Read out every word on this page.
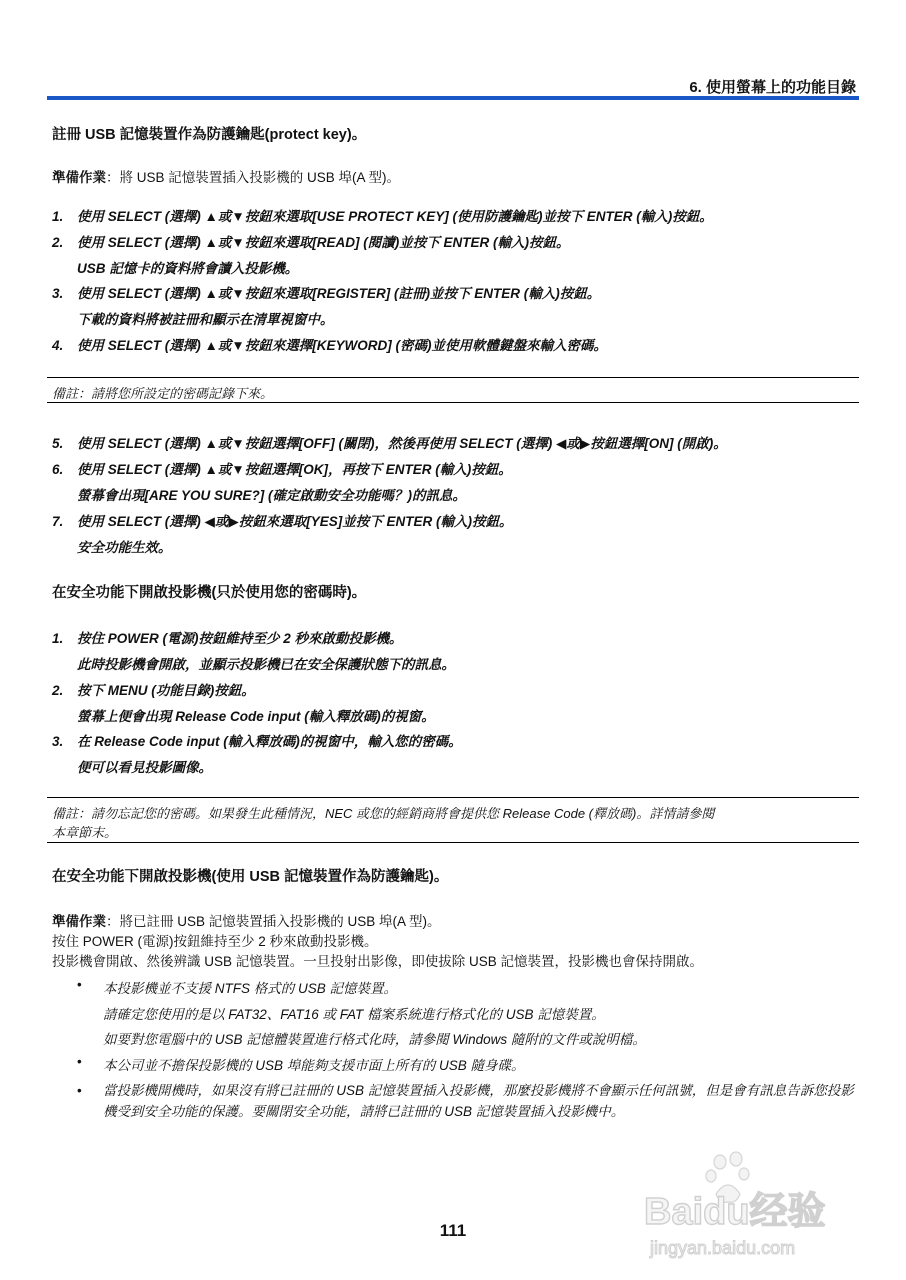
6. 使用螢幕上的功能目錄
註冊 USB 記憶裝置作為防護鑰匙(protect key)。
準備作業：將 USB 記憶裝置插入投影機的 USB 埠(A 型)。
1. 使用 SELECT (選擇) ▲或▼按鈕來選取[USE PROTECT KEY] (使用防護鑰匙)並按下 ENTER (輸入)按鈕。
2. 使用 SELECT (選擇) ▲或▼按鈕來選取[READ] (閱讀)並按下 ENTER (輸入)按鈕。
USB 記憶卡的資料將會讀入投影機。
3. 使用 SELECT (選擇) ▲或▼按鈕來選取[REGISTER] (註冊)並按下 ENTER (輸入)按鈕。
下載的資料將被註冊和顯示在清單視窗中。
4. 使用 SELECT (選擇) ▲或▼按鈕來選擇[KEYWORD] (密碼)並使用軟體鍵盤來輸入密碼。
備註：請將您所設定的密碼記錄下來。
5. 使用 SELECT (選擇) ▲或▼按鈕選擇[OFF] (關閉)，然後再使用 SELECT (選擇) ◀或▶按鈕選擇[ON] (開啟)。
6. 使用 SELECT (選擇) ▲或▼按鈕選擇[OK]，再按下 ENTER (輸入)按鈕。
螢幕會出現[ARE YOU SURE?] (確定啟動安全功能嗎？)的訊息。
7. 使用 SELECT (選擇) ◀或▶按鈕來選取[YES]並按下 ENTER (輸入)按鈕。
安全功能生效。
在安全功能下開啟投影機(只於使用您的密碼時)。
1. 按住 POWER (電源)按鈕維持至少 2 秒來啟動投影機。
此時投影機會開啟，並顯示投影機已在安全保護狀態下的訊息。
2. 按下 MENU (功能目錄)按鈕。
螢幕上便會出現 Release Code input (輸入釋放碼)的視窗。
3. 在 Release Code input (輸入釋放碼)的視窗中，輸入您的密碼。
便可以看見投影圖像。
備註：請勿忘記您的密碼。如果發生此種情況，NEC 或您的經銷商將會提供您 Release Code (釋放碼)。詳情請參閱
本章節末。
在安全功能下開啟投影機(使用 USB 記憶裝置作為防護鑰匙)。
準備作業：將已註冊 USB 記憶裝置插入投影機的 USB 埠(A 型)。
按住 POWER (電源)按鈕維持至少 2 秒來啟動投影機。
投影機會開啟、然後辨識 USB 記憶裝置。一旦投射出影像，即使拔除 USB 記憶裝置，投影機也會保持開啟。
• 本投影機並不支援 NTFS 格式的 USB 記憶裝置。
請確定您使用的是以 FAT32、FAT16 或 FAT 檔案系統進行格式化的 USB 記憶裝置。
如要對您電腦中的 USB 記憶體裝置進行格式化時，請參閱 Windows 隨附的文件或說明檔。
• 本公司並不擔保投影機的 USB 埠能夠支援市面上所有的 USB 隨身碟。
• 當投影機開機時，如果沒有將已註冊的 USB 記憶裝置插入投影機，那麼投影機將不會顯示任何訊號，但是會有訊息告訴您投影機受到安全功能的保護。要關閉安全功能，請將已註冊的 USB 記憶裝置插入投影機中。
111	Baidu经验
jingyan.baidu.com
